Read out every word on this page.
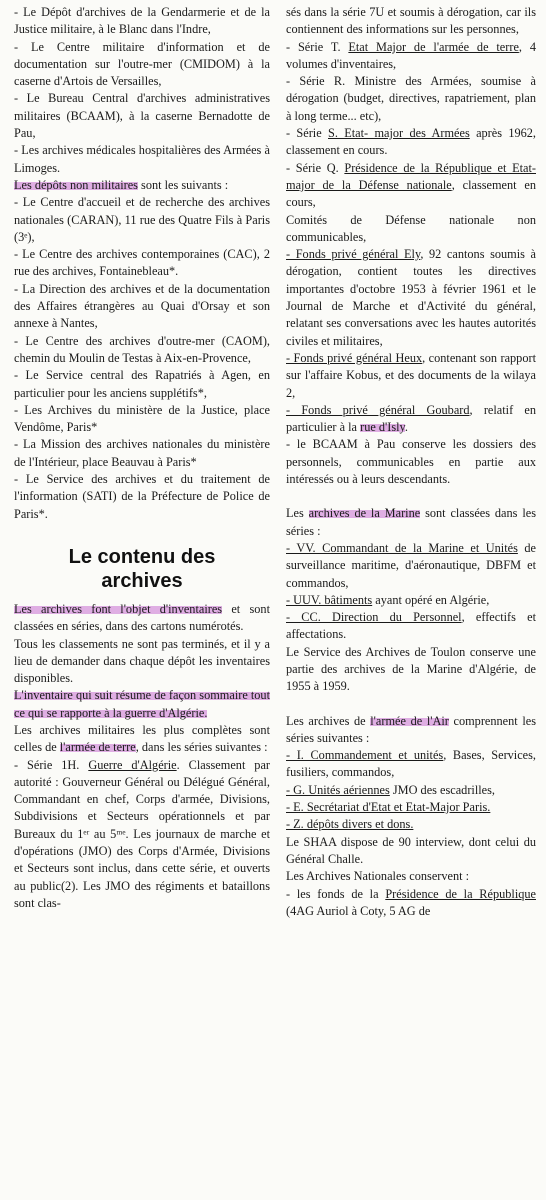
- Le Dépôt d'archives de la Gendarmerie et de la Justice militaire, à le Blanc dans l'Indre,

- Le Centre militaire d'information et de documentation sur l'outre-mer (CMIDOM) à la caserne d'Artois de Versailles,

- Le Bureau Central d'archives administratives militaires (BCAAM), à la caserne Bernadotte de Pau,

- Les archives médicales hospitalières des Armées à Limoges.

Les dépôts non militaires sont les suivants :

- Le Centre d'accueil et de recherche des archives nationales (CARAN), 11 rue des Quatre Fils à Paris (3ᵉ),

- Le Centre des archives contemporaines (CAC), 2 rue des archives, Fontainebleau*.

- La Direction des archives et de la documentation des Affaires étrangères au Quai d'Orsay et son annexe à Nantes,

- Le Centre des archives d'outre-mer (CAOM), chemin du Moulin de Testas à Aix-en-Provence,

- Le Service central des Rapatriés à Agen, en particulier pour les anciens supplétifs*,

- Les Archives du ministère de la Justice, place Vendôme, Paris*

- La Mission des archives nationales du ministère de l'Intérieur, place Beauvau à Paris*

- Le Service des archives et du traitement de l'information (SATI) de la Préfecture de Police de Paris*.

Le contenu des
archives

Les archives font l'objet d'inventaires et sont classées en séries, dans des cartons numérotés.

Tous les classements ne sont pas terminés, et il y a lieu de demander dans chaque dépôt les inventaires disponibles.

L'inventaire qui suit résume de façon sommaire tout ce qui se rapporte à la guerre d'Algérie.

Les archives militaires les plus complètes sont celles de l'armée de terre, dans les séries suivantes :

- Série 1H. Guerre d'Algérie. Classement par autorité : Gouverneur Général ou Délégué Général, Commandant en chef, Corps d'armée, Divisions, Subdivisions et Secteurs opérationnels et par Bureaux du 1ᵉʳ au 5ᵐᵉ. Les journaux de marche et d'opérations (JMO) des Corps d'Armée, Divisions et Secteurs sont inclus, dans cette série, et ouverts au public(2). Les JMO des régiments et bataillons sont clas-

sés dans la série 7U et soumis à dérogation, car ils contiennent des informations sur les personnes,

- Série T. Etat Major de l'armée de terre, 4 volumes d'inventaires,

- Série R. Ministre des Armées, soumise à dérogation (budget, directives, rapatriement, plan à long terme... etc),

- Série S. Etat- major des Armées après 1962, classement en cours.

- Série Q. Présidence de la République et Etat-major de la Défense nationale, classement en cours,

Comités de Défense nationale non communicables,

- Fonds privé général Ely, 92 cantons soumis à dérogation, contient toutes les directives importantes d'octobre 1953 à février 1961 et le Journal de Marche et d'Activité du général, relatant ses conversations avec les hautes autorités civiles et militaires,

- Fonds privé général Heux, contenant son rapport sur l'affaire Kobus, et des documents de la wilaya 2,

- Fonds privé général Goubard, relatif en particulier à la rue d'Isly.

- le BCAAM à Pau conserve les dossiers des personnels, communicables en partie aux intéressés ou à leurs descendants.

Les archives de la Marine sont classées dans les séries :

- VV. Commandant de la Marine et Unités de surveillance maritime, d'aéronautique, DBFM et commandos,

- UUV. bâtiments ayant opéré en Algérie,

- CC. Direction du Personnel, effectifs et affectations.

Le Service des Archives de Toulon conserve une partie des archives de la Marine d'Algérie, de 1955 à 1959.

Les archives de l'armée de l'Air comprennent les séries suivantes :

- I. Commandement et unités, Bases, Services, fusiliers, commandos,

- G. Unités aériennes JMO des escadrilles,

- E. Secrétariat d'Etat et Etat-Major Paris.

- Z. dépôts divers et dons.

Le SHAA dispose de 90 interview, dont celui du Général Challe.

Les Archives Nationales conservent :

- les fonds de la Présidence de la République (4AG Auriol à Coty, 5 AG de
